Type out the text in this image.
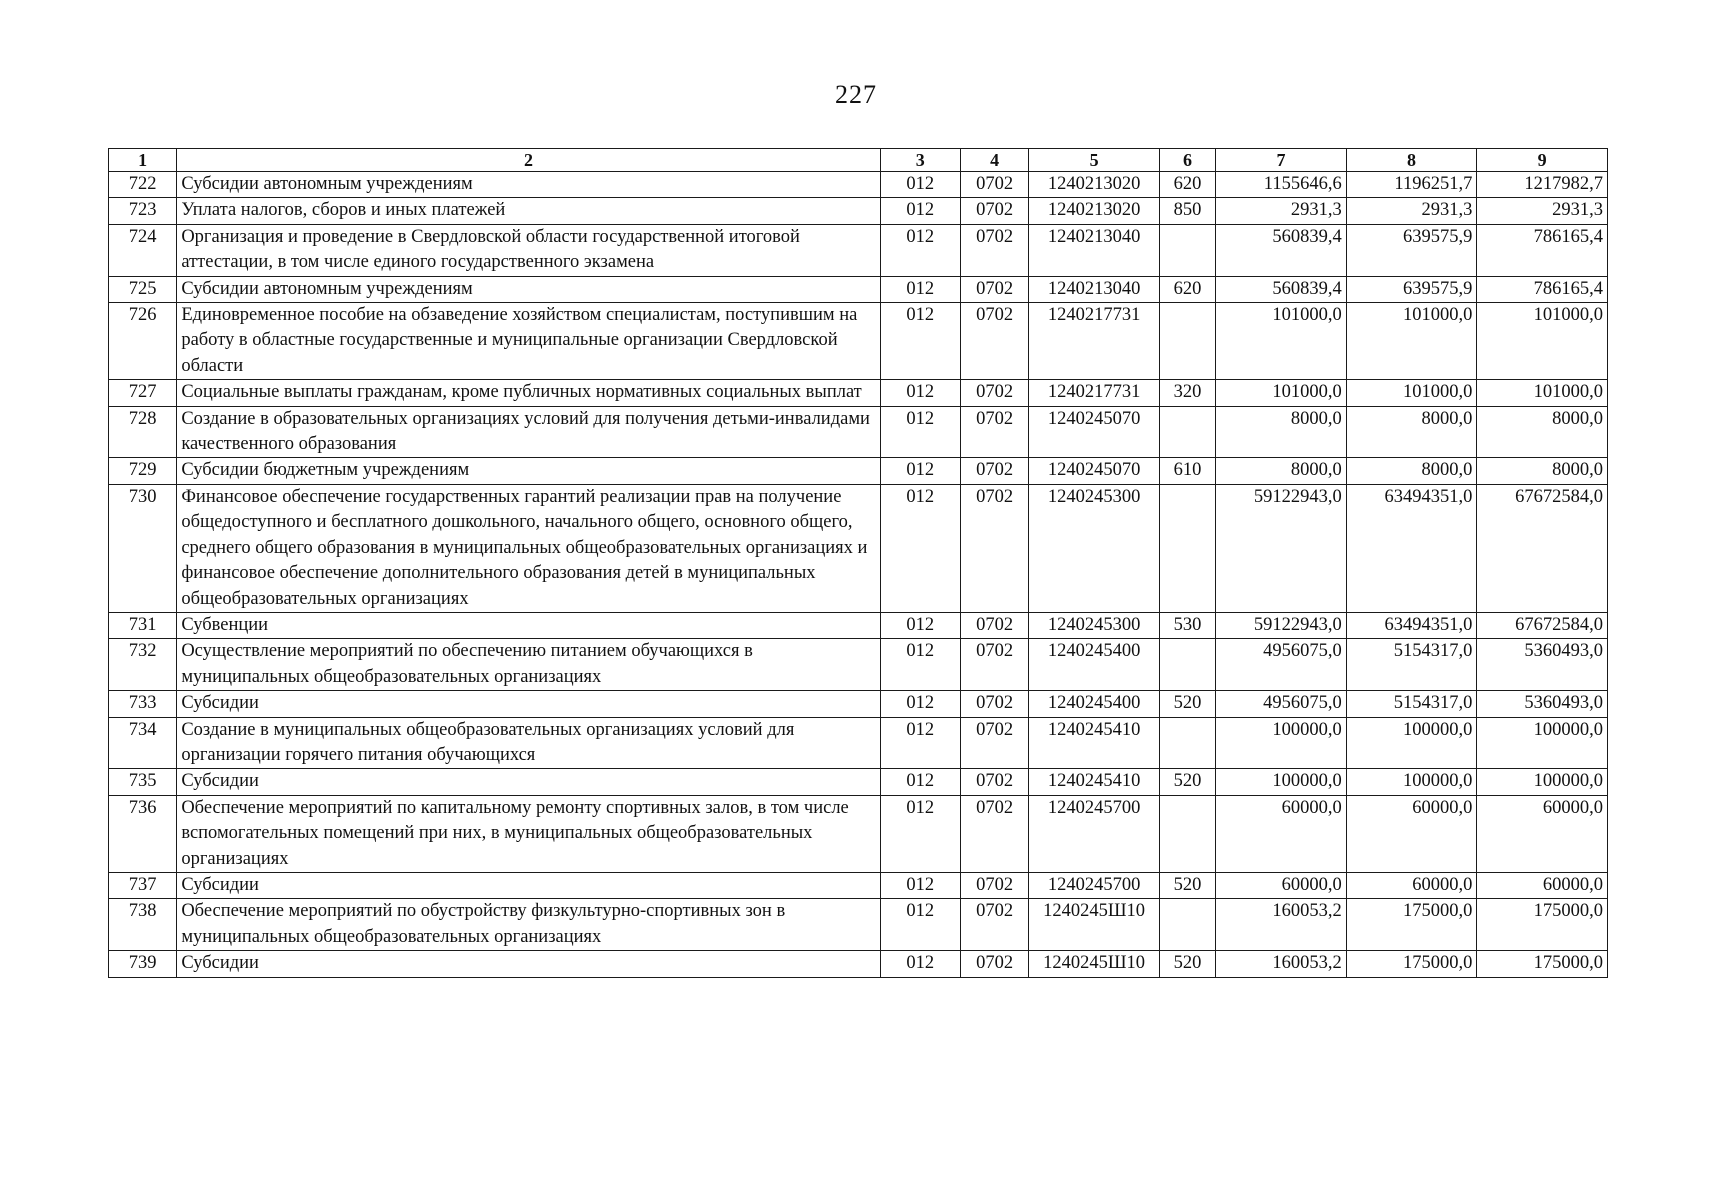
227
1	2	3	4	5	6	7	8	9
722	Субсидии автономным учреждениям	012	0702	1240213020	620	1155646,6	1196251,7	1217982,7
723	Уплата налогов, сборов и иных платежей	012	0702	1240213020	850	2931,3	2931,3	2931,3
724	Организация и проведение в Свердловской области государственной итоговой аттестации, в том числе единого государственного экзамена	012	0702	1240213040		560839,4	639575,9	786165,4
725	Субсидии автономным учреждениям	012	0702	1240213040	620	560839,4	639575,9	786165,4
726	Единовременное пособие на обзаведение хозяйством специалистам, поступившим на работу в областные государственные и муниципальные организации Свердловской области	012	0702	1240217731		101000,0	101000,0	101000,0
727	Социальные выплаты гражданам, кроме публичных нормативных социальных выплат	012	0702	1240217731	320	101000,0	101000,0	101000,0
728	Создание в образовательных организациях условий для получения детьми-инвалидами качественного образования	012	0702	1240245070		8000,0	8000,0	8000,0
729	Субсидии бюджетным учреждениям	012	0702	1240245070	610	8000,0	8000,0	8000,0
730	Финансовое обеспечение государственных гарантий реализации прав на получение общедоступного и бесплатного дошкольного, начального общего, основного общего, среднего общего образования в муниципальных общеобразовательных организациях и финансовое обеспечение дополнительного образования детей в муниципальных общеобразовательных организациях	012	0702	1240245300		59122943,0	63494351,0	67672584,0
731	Субвенции	012	0702	1240245300	530	59122943,0	63494351,0	67672584,0
732	Осуществление мероприятий по обеспечению питанием обучающихся в муниципальных общеобразовательных организациях	012	0702	1240245400		4956075,0	5154317,0	5360493,0
733	Субсидии	012	0702	1240245400	520	4956075,0	5154317,0	5360493,0
734	Создание в муниципальных общеобразовательных организациях условий для организации горячего питания обучающихся	012	0702	1240245410		100000,0	100000,0	100000,0
735	Субсидии	012	0702	1240245410	520	100000,0	100000,0	100000,0
736	Обеспечение мероприятий по капитальному ремонту спортивных залов, в том числе вспомогательных помещений при них, в муниципальных общеобразовательных организациях	012	0702	1240245700		60000,0	60000,0	60000,0
737	Субсидии	012	0702	1240245700	520	60000,0	60000,0	60000,0
738	Обеспечение мероприятий по обустройству физкультурно-спортивных зон в муниципальных общеобразовательных организациях	012	0702	1240245Ш10		160053,2	175000,0	175000,0
739	Субсидии	012	0702	1240245Ш10	520	160053,2	175000,0	175000,0
